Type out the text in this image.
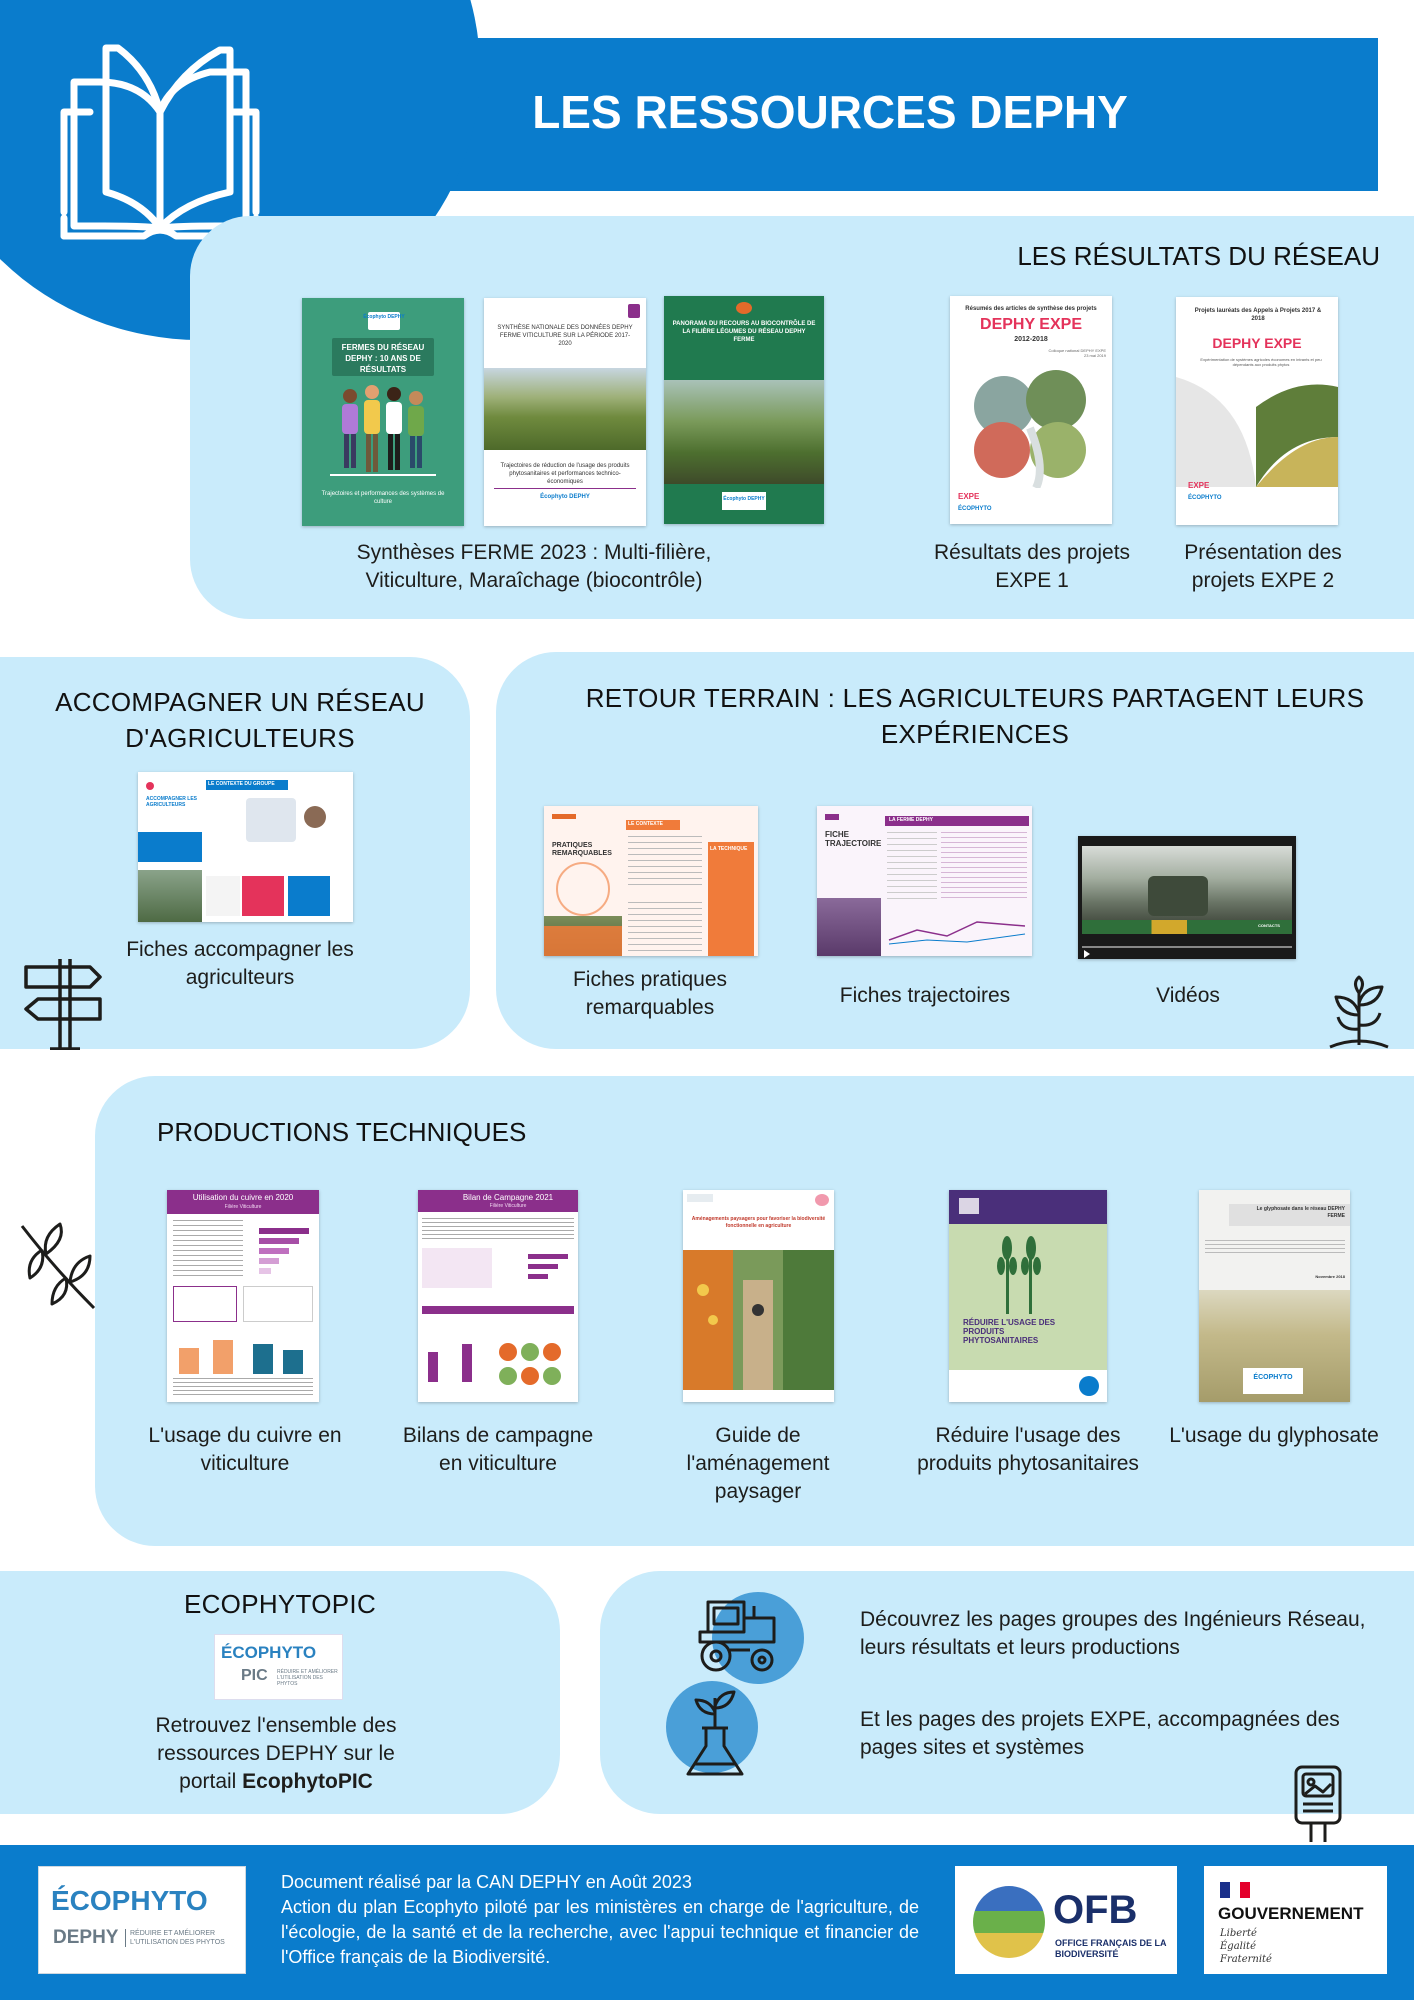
LES RESSOURCES DEPHY
LES RÉSULTATS DU RÉSEAU
Écophyto DEPHY
FERMES DU RÉSEAU DEPHY : 10 ANS DE RÉSULTATS
Trajectoires et performances des systèmes de culture
SYNTHÈSE NATIONALE DES DONNÉES DEPHY FERME VITICULTURE SUR LA PÉRIODE 2017-2020
Trajectoires de réduction de l'usage des produits phytosanitaires et performances technico-économiques
Écophyto DEPHY
PANORAMA DU RECOURS AU BIOCONTRÔLE DE LA FILIÈRE LÉGUMES DU RÉSEAU DEPHY FERME
Écophyto DEPHY
Résumés des articles de synthèse des projets
DEPHY EXPE
2012-2018
Colloque national DEPHY EXPE 23 mai 2019
EXPE
ÉCOPHYTO
Projets lauréats des Appels à Projets 2017 & 2018
DEPHY EXPE
Expérimentation de systèmes agricoles économes en intrants et peu dépendants aux produits phytos
EXPE
ÉCOPHYTO
Synthèses FERME 2023 : Multi-filière, Viticulture, Maraîchage (biocontrôle)
Résultats des projets EXPE 1
Présentation des projets EXPE 2
ACCOMPAGNER UN RÉSEAU D'AGRICULTEURS
ACCOMPAGNER LES AGRICULTEURS
LE CONTEXTE DU GROUPE
Fiches accompagner les agriculteurs
RETOUR TERRAIN : LES AGRICULTEURS PARTAGENT LEURS EXPÉRIENCES
PRATIQUES REMARQUABLES
LE CONTEXTE
LA TECHNIQUE
Fiches pratiques remarquables
FICHE TRAJECTOIRE
LA FERME DEPHY
Fiches trajectoires
CONTACTS
Vidéos
PRODUCTIONS TECHNIQUES
Utilisation du cuivre en 2020
Filière Viticulture
L'usage du cuivre en viticulture
Bilan de Campagne 2021
Filière Viticulture
Bilans de campagne en viticulture
Aménagements paysagers pour favoriser la biodiversité fonctionnelle en agriculture
Guide de l'aménagement paysager
RÉDUIRE L'USAGE DES PRODUITS PHYTOSANITAIRES
Réduire l'usage des produits phytosanitaires
Le glyphosate dans le réseau DEPHY FERME
Novembre 2018
ÉCOPHYTO
L'usage du glyphosate
ECOPHYTOPIC
ÉCOPHYTO
PIC RÉDUIRE ET AMÉLIORER L'UTILISATION DES PHYTOS
Retrouvez l'ensemble des ressources DEPHY sur le portail EcophytoPIC
Découvrez les pages groupes des Ingénieurs Réseau, leurs résultats et leurs productions
Et les pages des projets EXPE, accompagnées des pages sites et systèmes
ÉCOPHYTO
DEPHY	RÉDUIRE ET AMÉLIORER L'UTILISATION DES PHYTOS
Document réalisé par la CAN DEPHY en Août 2023
Action du plan Ecophyto piloté par les ministères en charge de l'agriculture, de l'écologie, de la santé et de la recherche, avec l'appui technique et financier de l'Office français de la Biodiversité.
OFB
OFFICE FRANÇAIS DE LA BIODIVERSITÉ
GOUVERNEMENT
Liberté
Égalité
Fraternité
